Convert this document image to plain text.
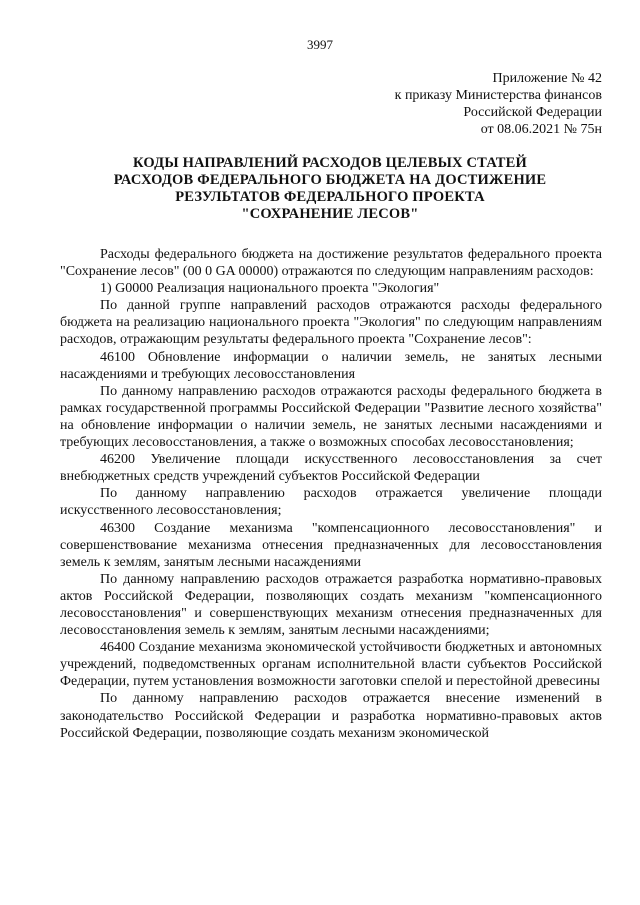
3997
Приложение № 42
к приказу Министерства финансов
Российской Федерации
от 08.06.2021 № 75н
КОДЫ НАПРАВЛЕНИЙ РАСХОДОВ ЦЕЛЕВЫХ СТАТЕЙ
РАСХОДОВ ФЕДЕРАЛЬНОГО БЮДЖЕТА НА ДОСТИЖЕНИЕ
РЕЗУЛЬТАТОВ ФЕДЕРАЛЬНОГО ПРОЕКТА
"СОХРАНЕНИЕ ЛЕСОВ"

Расходы федерального бюджета на достижение результатов федерального проекта "Сохранение лесов" (00 0 GA 00000) отражаются по следующим направлениям расходов:

1) G0000 Реализация национального проекта "Экология"

По данной группе направлений расходов отражаются расходы федерального бюджета на реализацию национального проекта "Экология" по следующим направлениям расходов, отражающим результаты федерального проекта "Сохранение лесов":

46100 Обновление информации о наличии земель, не занятых лесными насаждениями и требующих лесовосстановления

По данному направлению расходов отражаются расходы федерального бюджета в рамках государственной программы Российской Федерации "Развитие лесного хозяйства" на обновление информации о наличии земель, не занятых лесными насаждениями и требующих лесовосстановления, а также о возможных способах лесовосстановления;

46200 Увеличение площади искусственного лесовосстановления за счет внебюджетных средств учреждений субъектов Российской Федерации

По данному направлению расходов отражается увеличение площади искусственного лесовосстановления;

46300 Создание механизма "компенсационного лесовосстановления" и совершенствование механизма отнесения предназначенных для лесовосстановления земель к землям, занятым лесными насаждениями

По данному направлению расходов отражается разработка нормативно-правовых актов Российской Федерации, позволяющих создать механизм "компенсационного лесовосстановления" и совершенствующих механизм отнесения предназначенных для лесовосстановления земель к землям, занятым лесными насаждениями;

46400 Создание механизма экономической устойчивости бюджетных и автономных учреждений, подведомственных органам исполнительной власти субъектов Российской Федерации, путем установления возможности заготовки спелой и перестойной древесины

По данному направлению расходов отражается внесение изменений в законодательство Российской Федерации и разработка нормативно-правовых актов Российской Федерации, позволяющие создать механизм экономической
